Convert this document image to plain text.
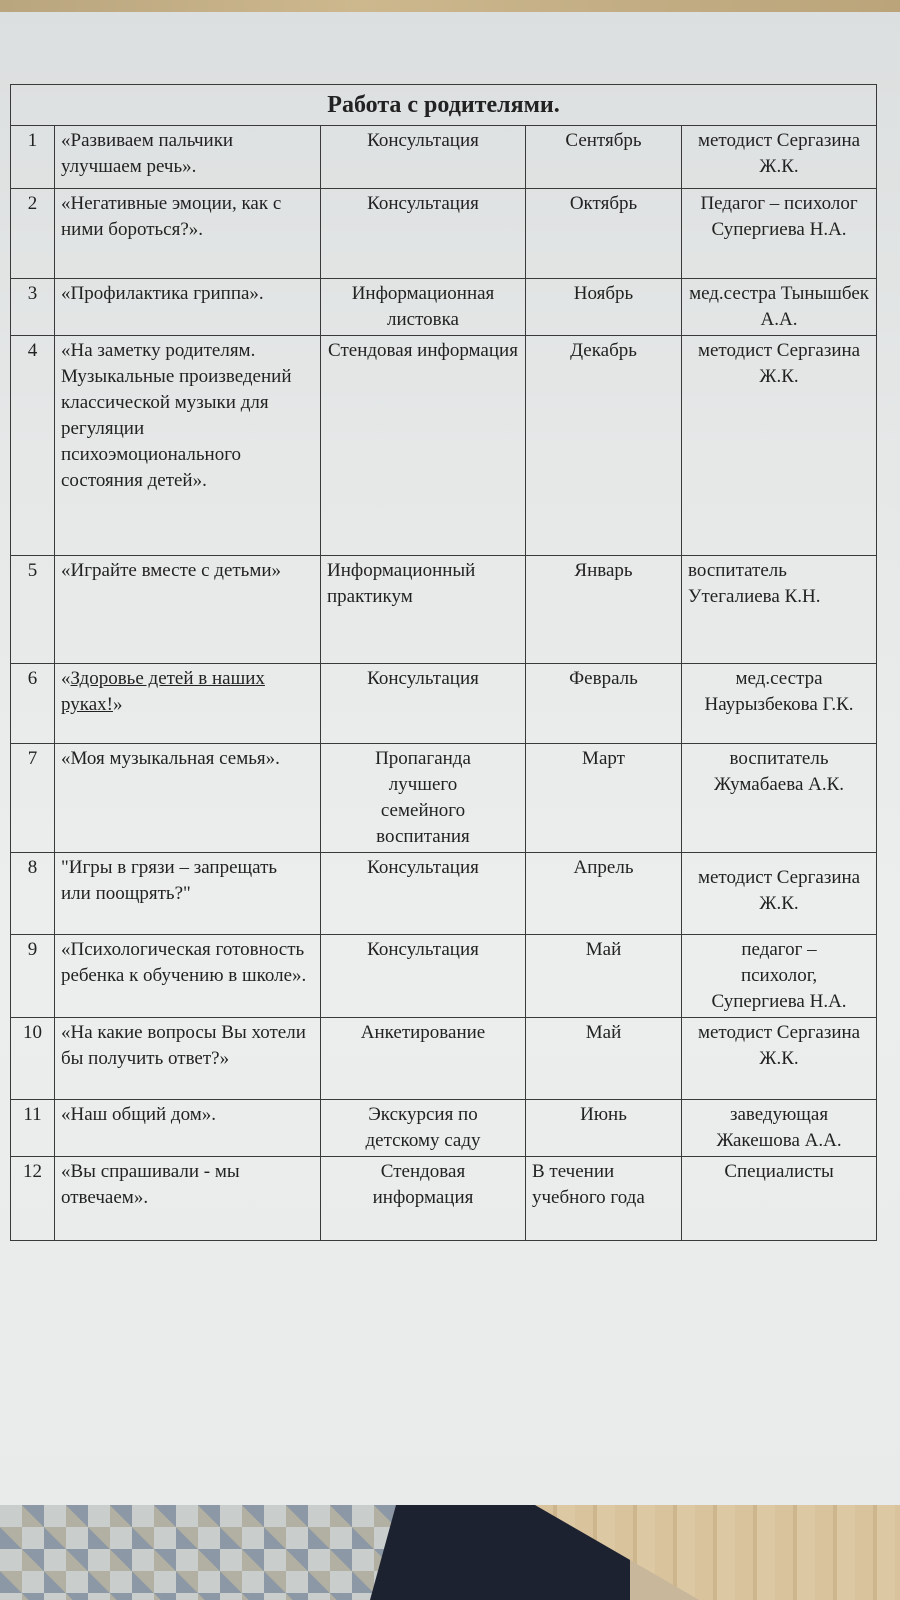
Работа с родителями.				
1	«Развиваем пальчики улучшаем речь».	Консультация	Сентябрь	методист Сергазина Ж.К.
2	«Негативные эмоции, как с ними бороться?».	Консультация	Октябрь	Педагог – психолог Супергиева Н.А.
3	«Профилактика гриппа».	Информационная листовка	Ноябрь	мед.сестра Тынышбек А.А.
4	«На заметку родителям. Музыкальные произведений классической музыки для регуляции психоэмоционального состояния детей».	Стендовая информация	Декабрь	методист Сергазина Ж.К.
5	«Играйте вместе с детьми»	Информационный практикум	Январь	воспитатель Утегалиева К.Н.
6	«Здоровье детей в наших руках!»	Консультация	Февраль	мед.сестра Наурызбекова Г.К.
7	«Моя музыкальная семья».	Пропаганда лучшего семейного воспитания	Март	воспитатель Жумабаева А.К.
8	"Игры в грязи – запрещать или поощрять?"	Консультация	Апрель	методист Сергазина Ж.К.
9	«Психологическая готовность ребенка к обучению в школе».	Консультация	Май	педагог – психолог, Супергиева Н.А.
10	«На какие вопросы Вы хотели бы получить ответ?»	Анкетирование	Май	методист Сергазина Ж.К.
11	«Наш общий дом».	Экскурсия по детскому саду	Июнь	заведующая Жакешова А.А.
12	«Вы спрашивали - мы отвечаем».	Стендовая информация	В течении учебного года	Специалисты
